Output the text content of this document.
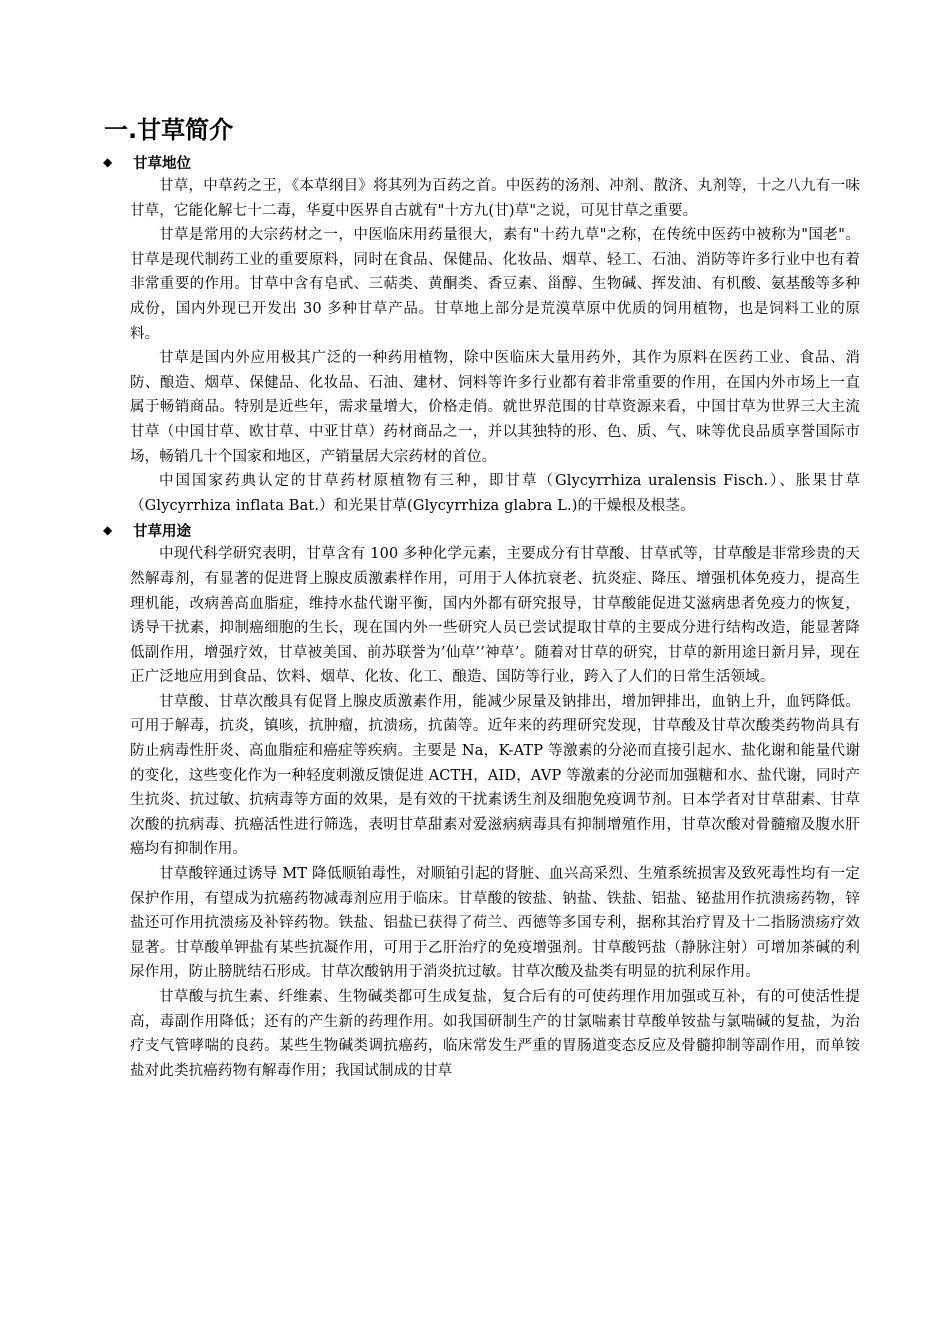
一.甘草简介
◆	甘草地位

甘草，中草药之王，《本草纲目》将其列为百药之首。中医药的汤剂、冲剂、散济、丸剂等，十之八九有一味甘草，它能化解七十二毒，华夏中医界自古就有"十方九(甘)草"之说，可见甘草之重要。

甘草是常用的大宗药材之一，中医临床用药量很大，素有"十药九草"之称，在传统中医药中被称为"国老"。甘草是现代制药工业的重要原料，同时在食品、保健品、化妆品、烟草、轻工、石油、消防等许多行业中也有着非常重要的作用。甘草中含有皂甙、三萜类、黄酮类、香豆素、甾醇、生物碱、挥发油、有机酸、氨基酸等多种成份，国内外现已开发出 30 多种甘草产品。甘草地上部分是荒漠草原中优质的饲用植物，也是饲料工业的原料。

甘草是国内外应用极其广泛的一种药用植物，除中医临床大量用药外，其作为原料在医药工业、食品、消防、酿造、烟草、保健品、化妆品、石油、建材、饲料等许多行业都有着非常重要的作用，在国内外市场上一直属于畅销商品。特别是近些年，需求量增大，价格走俏。就世界范围的甘草资源来看，中国甘草为世界三大主流甘草（中国甘草、欧甘草、中亚甘草）药材商品之一，并以其独特的形、色、质、气、味等优良品质享誉国际市场，畅销几十个国家和地区，产销量居大宗药材的首位。

中国国家药典认定的甘草药材原植物有三种，即甘草（Glycyrrhiza uralensis Fisch.）、胀果甘草（Glycyrrhiza inflata Bat.）和光果甘草(Glycyrrhiza glabra L.)的干燥根及根茎。

◆	甘草用途

中现代科学研究表明，甘草含有 100 多种化学元素，主要成分有甘草酸、甘草甙等，甘草酸是非常珍贵的天然解毒剂，有显著的促进肾上腺皮质激素样作用，可用于人体抗衰老、抗炎症、降压、增强机体免疫力，提高生理机能，改病善高血脂症，维持水盐代谢平衡，国内外都有研究报导，甘草酸能促进艾滋病患者免疫力的恢复，诱导干扰素，抑制癌细胞的生长，现在国内外一些研究人员已尝试提取甘草的主要成分进行结构改造，能显著降低副作用，增强疗效，甘草被美国、前苏联誉为’仙草’’神草’。随着对甘草的研究，甘草的新用途日新月异，现在正广泛地应用到食品、饮料、烟草、化妆、化工、酿造、国防等行业，跨入了人们的日常生活领域。

甘草酸、甘草次酸具有促肾上腺皮质激素作用，能减少尿量及钠排出，增加钾排出，血钠上升，血钙降低。可用于解毒，抗炎，镇咳，抗肿瘤，抗溃疡，抗菌等。近年来的药理研究发现，甘草酸及甘草次酸类药物尚具有防止病毒性肝炎、高血脂症和癌症等疾病。主要是 Na，K-ATP 等激素的分泌而直接引起水、盐化谢和能量代谢的变化，这些变化作为一种轻度刺激反馈促进 ACTH，AID，AVP 等激素的分泌而加强糖和水、盐代谢，同时产生抗炎、抗过敏、抗病毒等方面的效果，是有效的干扰素诱生剂及细胞免疫调节剂。日本学者对甘草甜素、甘草次酸的抗病毒、抗癌活性进行筛选，表明甘草甜素对爱滋病病毒具有抑制增殖作用，甘草次酸对骨髓瘤及腹水肝癌均有抑制作用。

甘草酸锌通过诱导 MT 降低顺铂毒性，对顺铂引起的肾脏、血兴高采烈、生殖系统损害及致死毒性均有一定保护作用，有望成为抗癌药物减毒剂应用于临床。甘草酸的铵盐、钠盐、铁盐、铝盐、铋盐用作抗溃疡药物，锌盐还可作用抗溃疡及补锌药物。铁盐、铝盐已获得了荷兰、西德等多国专利，据称其治疗胃及十二指肠溃疡疗效显著。甘草酸单钾盐有某些抗凝作用，可用于乙肝治疗的免疫增强剂。甘草酸钙盐（静脉注射）可增加茶碱的利尿作用，防止膀胱结石形成。甘草次酸钠用于消炎抗过敏。甘草次酸及盐类有明显的抗利尿作用。

甘草酸与抗生素、纤维素、生物碱类都可生成复盐，复合后有的可使药理作用加强或互补，有的可使活性提高，毒副作用降低；还有的产生新的药理作用。如我国研制生产的甘氯喘素甘草酸单铵盐与氯喘碱的复盐，为治疗支气管哮喘的良药。某些生物碱类调抗癌药，临床常发生严重的胃肠道变态反应及骨髓抑制等副作用，而单铵盐对此类抗癌药物有解毒作用；我国试制成的甘草
